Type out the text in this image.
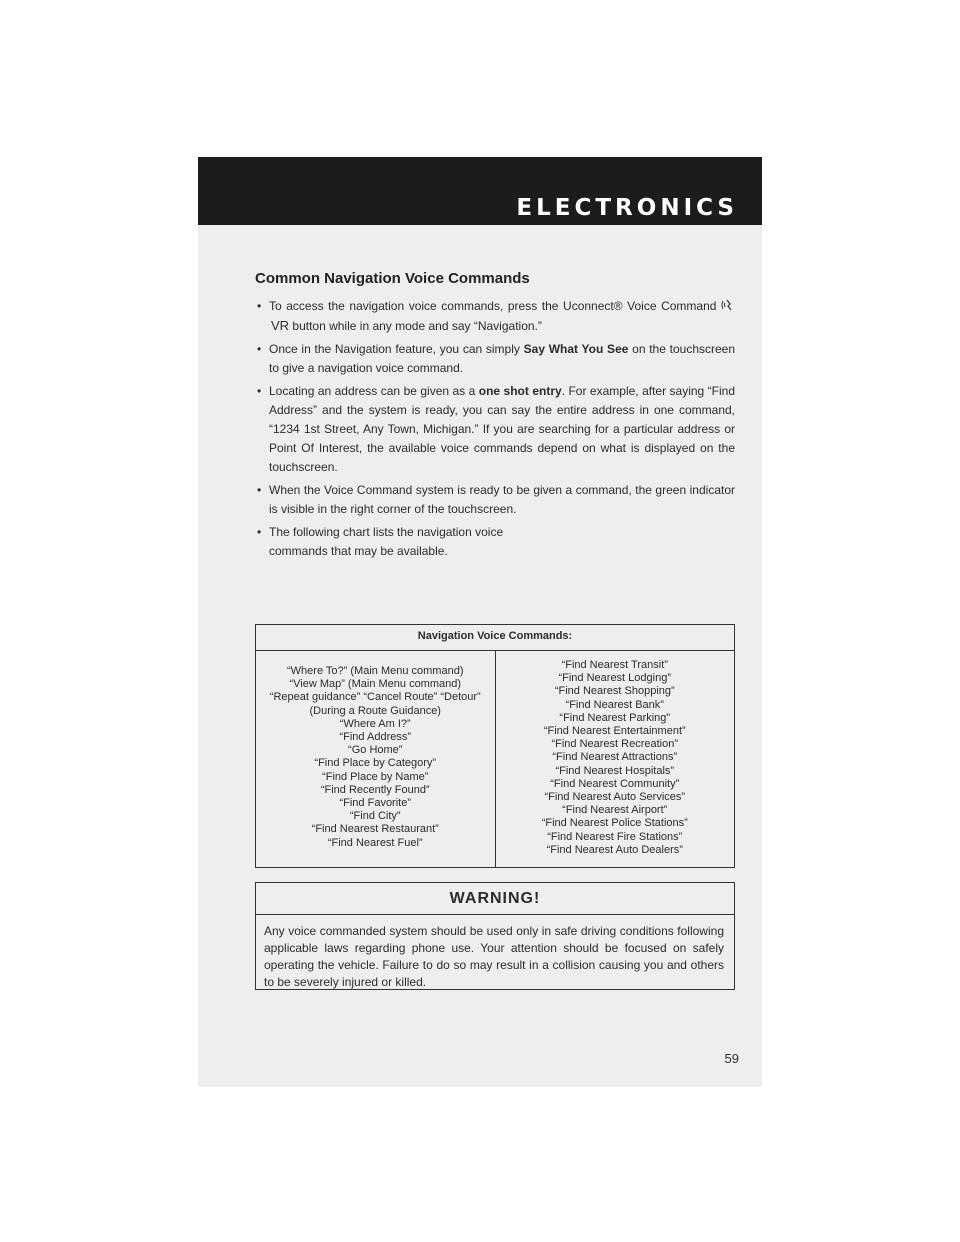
ELECTRONICS
Common Navigation Voice Commands
• To access the navigation voice commands, press the Uconnect® Voice Command VR button while in any mode and say “Navigation.”
• Once in the Navigation feature, you can simply Say What You See on the touchscreen to give a navigation voice command.
• Locating an address can be given as a one shot entry. For example, after saying “Find Address” and the system is ready, you can say the entire address in one command, “1234 1st Street, Any Town, Michigan.” If you are searching for a particular address or Point Of Interest, the available voice commands depend on what is displayed on the touchscreen.
• When the Voice Command system is ready to be given a command, the green indicator is visible in the right corner of the touchscreen.
• The following chart lists the navigation voice commands that may be available.
Navigation Voice Commands:

“Where To?” (Main Menu command)
“View Map” (Main Menu command)
“Repeat guidance” “Cancel Route” “Detour”
(During a Route Guidance)
“Where Am I?”
“Find Address”
“Go Home”
“Find Place by Category”
“Find Place by Name”
“Find Recently Found”
“Find Favorite”
“Find City”
“Find Nearest Restaurant”
“Find Nearest Fuel”

“Find Nearest Transit”
“Find Nearest Lodging”
“Find Nearest Shopping”
“Find Nearest Bank”
“Find Nearest Parking”
“Find Nearest Entertainment”
“Find Nearest Recreation”
“Find Nearest Attractions”
“Find Nearest Hospitals”
“Find Nearest Community”
“Find Nearest Auto Services”
“Find Nearest Airport”
“Find Nearest Police Stations”
“Find Nearest Fire Stations”
“Find Nearest Auto Dealers”
WARNING!
Any voice commanded system should be used only in safe driving conditions following applicable laws regarding phone use. Your attention should be focused on safely operating the vehicle. Failure to do so may result in a collision causing you and others to be severely injured or killed.
59
